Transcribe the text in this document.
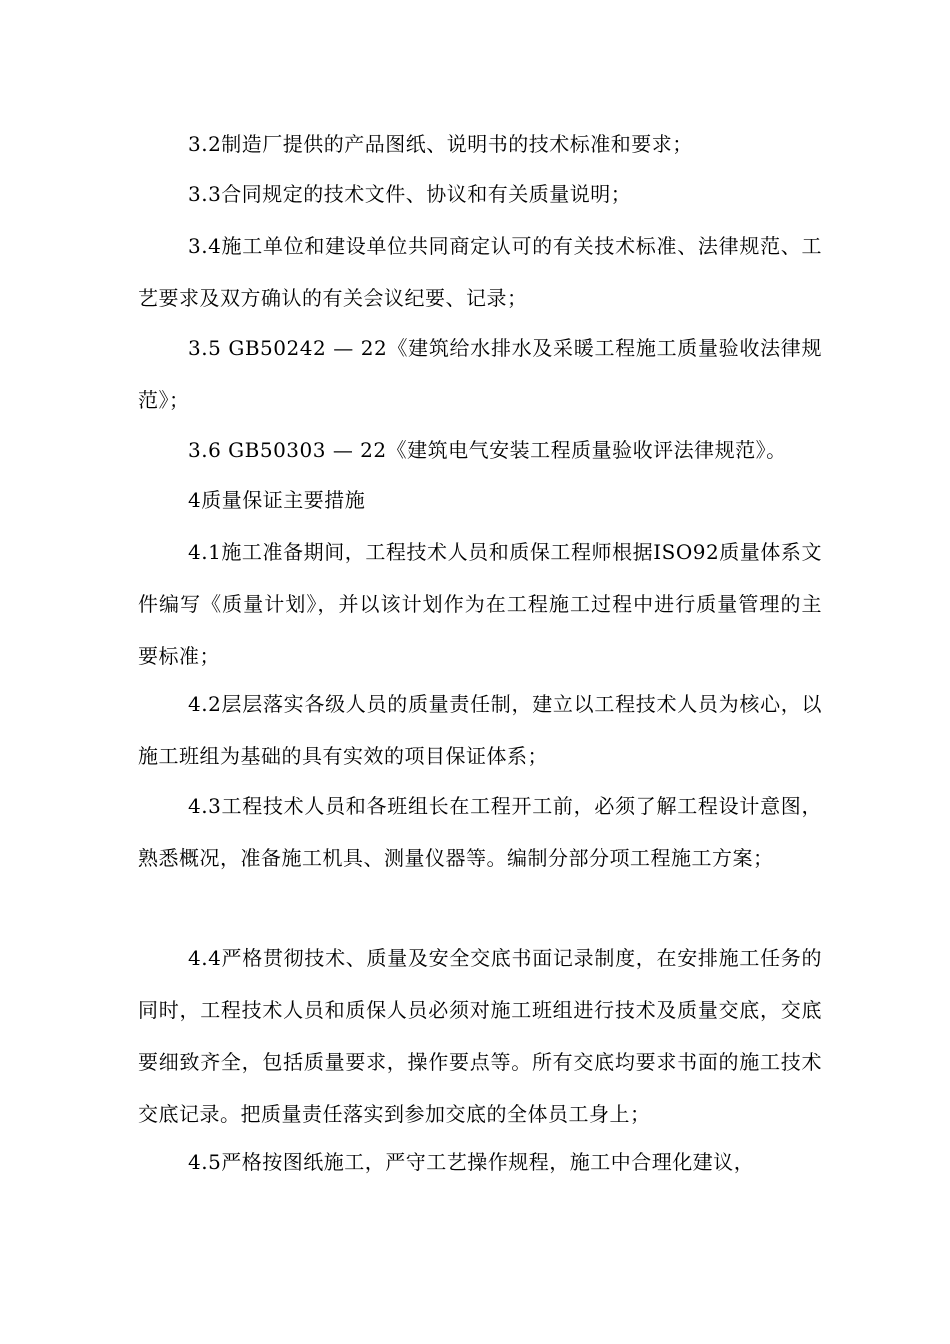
3.2制造厂提供的产品图纸、说明书的技术标准和要求；

3.3合同规定的技术文件、协议和有关质量说明；

3.4施工单位和建设单位共同商定认可的有关技术标准、法律规范、工艺要求及双方确认的有关会议纪要、记录；

3.5 GB50242 — 22《建筑给水排水及采暖工程施工质量验收法律规范》；

3.6 GB50303 — 22《建筑电气安装工程质量验收评法律规范》。

4质量保证主要措施

4.1施工准备期间，工程技术人员和质保工程师根据ISO92质量体系文件编写《质量计划》，并以该计划作为在工程施工过程中进行质量管理的主要标准；

4.2层层落实各级人员的质量责任制，建立以工程技术人员为核心，以施工班组为基础的具有实效的项目保证体系；

4.3工程技术人员和各班组长在工程开工前，必须了解工程设计意图，熟悉概况，准备施工机具、测量仪器等。编制分部分项工程施工方案；

4.4严格贯彻技术、质量及安全交底书面记录制度，在安排施工任务的同时，工程技术人员和质保人员必须对施工班组进行技术及质量交底，交底要细致齐全，包括质量要求，操作要点等。所有交底均要求书面的施工技术交底记录。把质量责任落实到参加交底的全体员工身上；

4.5严格按图纸施工，严守工艺操作规程，施工中合理化建议，
